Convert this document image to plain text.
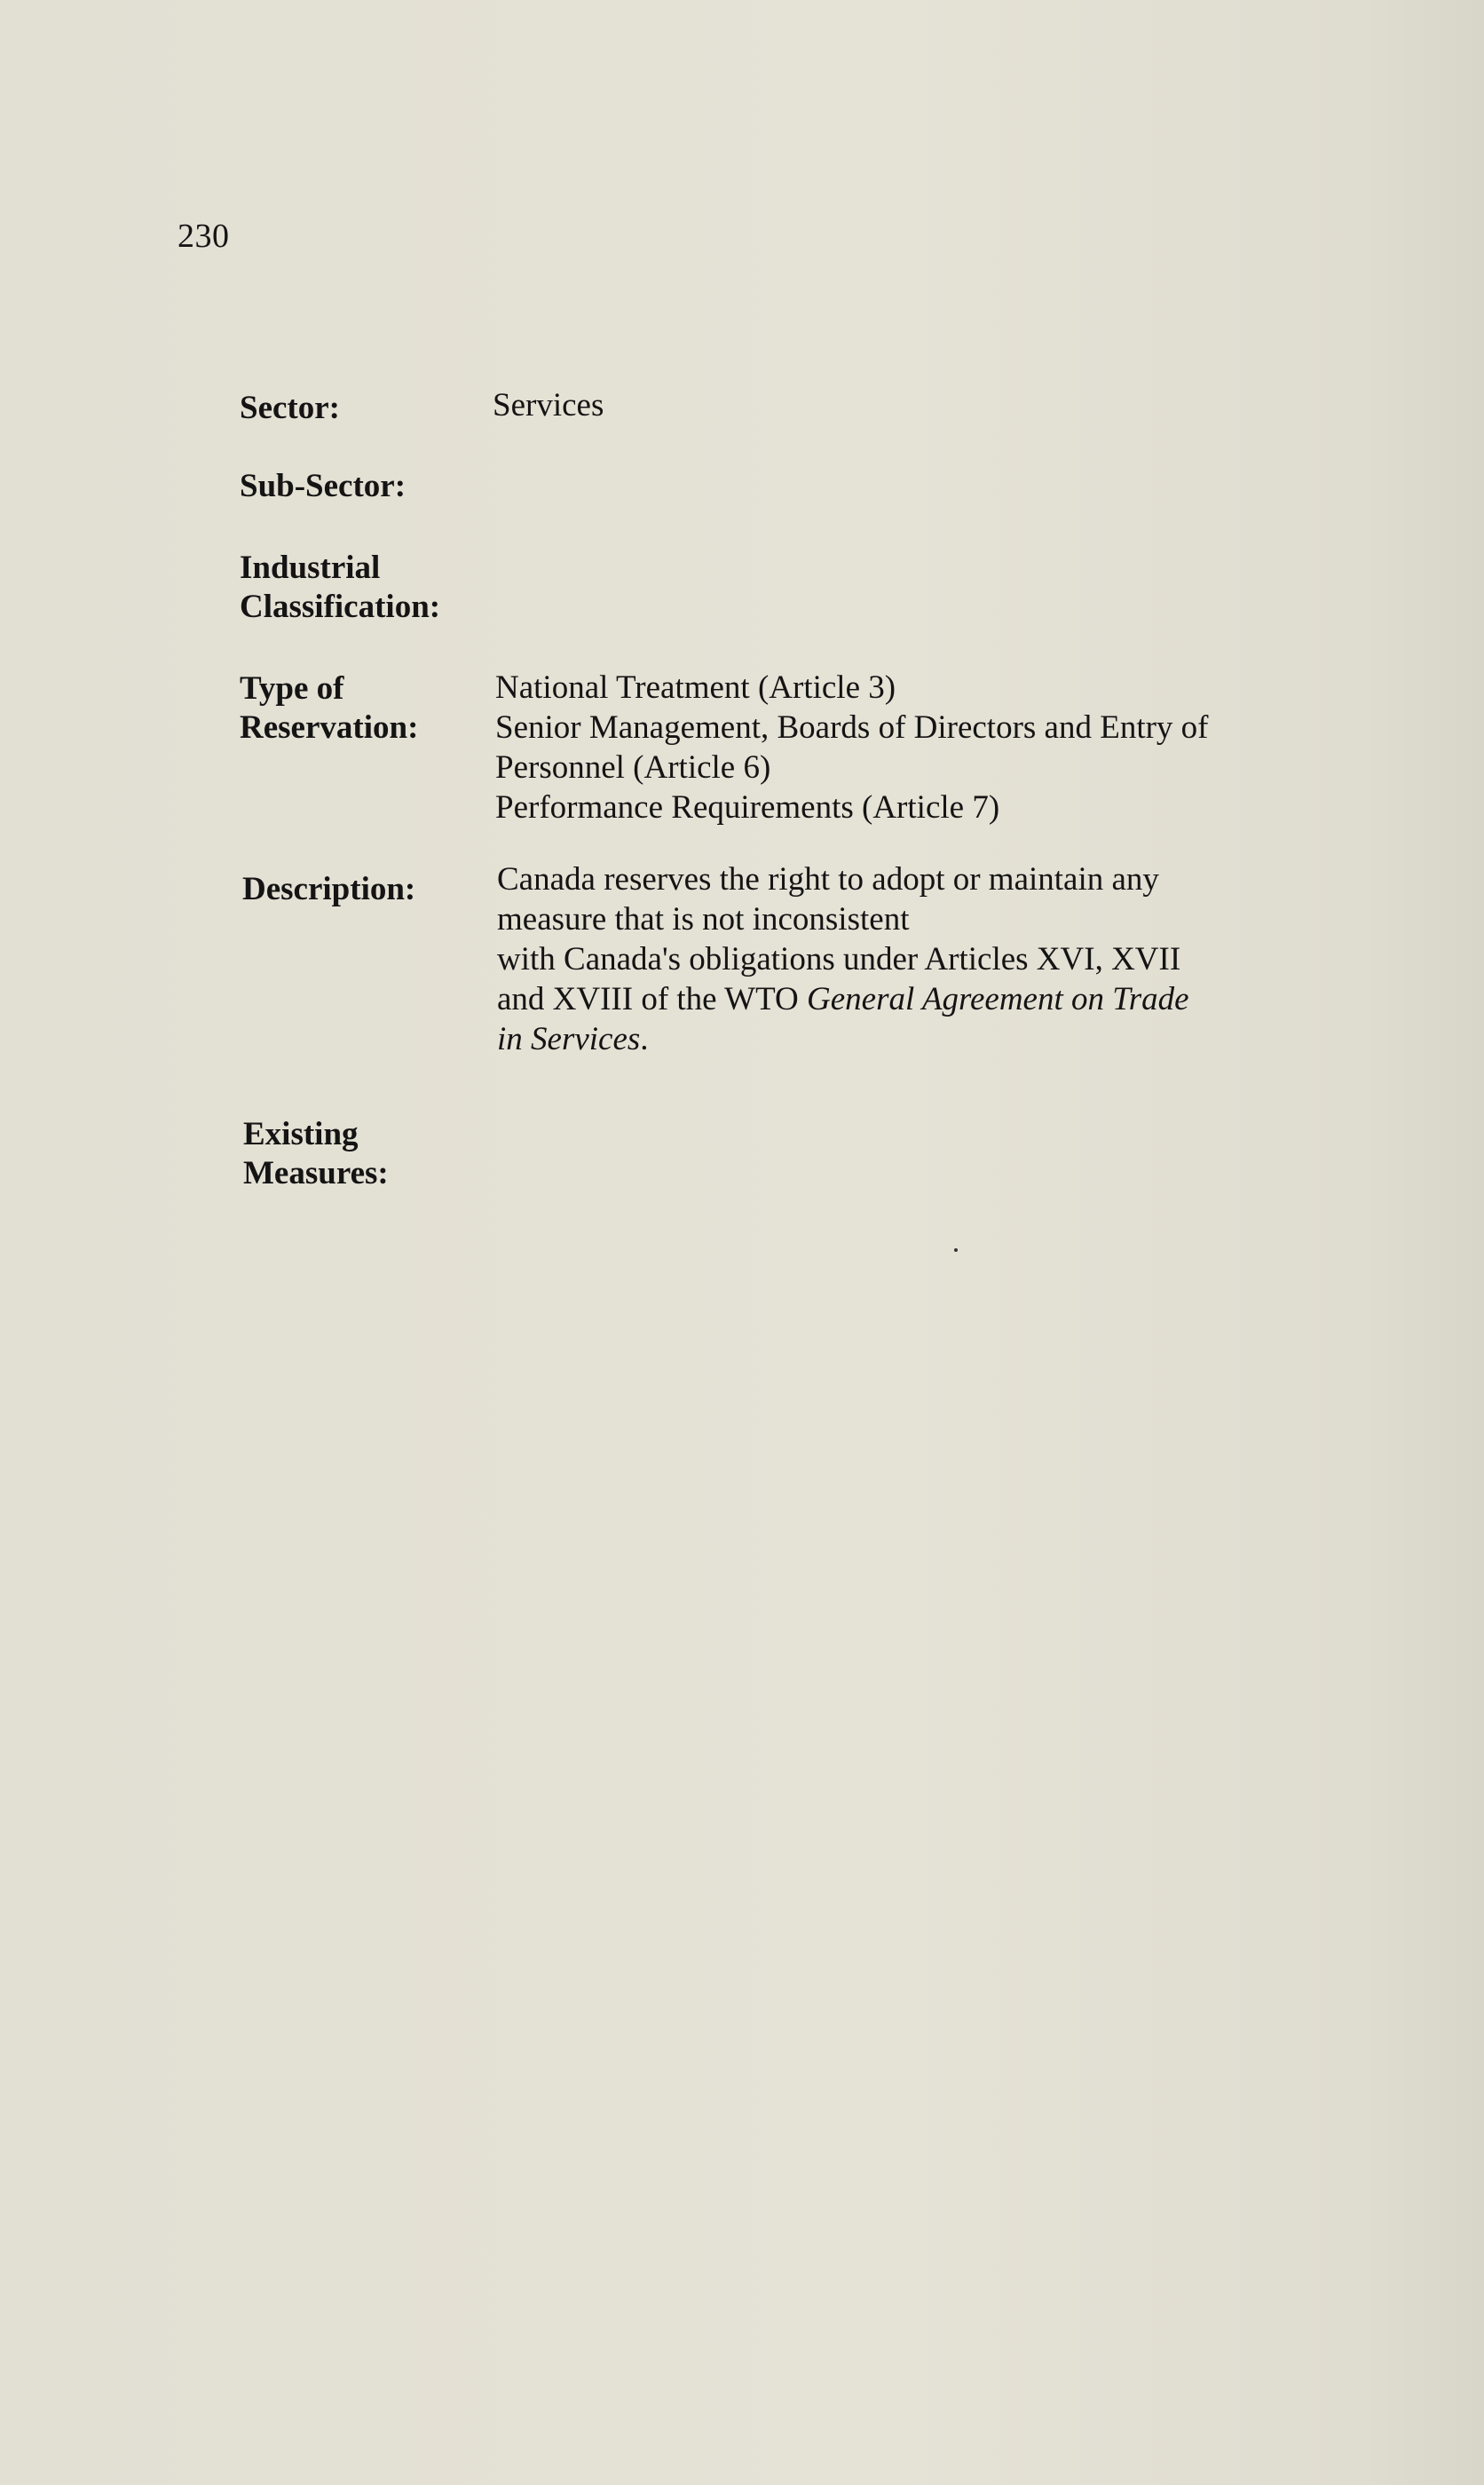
230
Sector:	Services
Sub-Sector:
Industrial
Classification:
Type of
Reservation:
National Treatment (Article 3)
Senior Management, Boards of Directors and Entry of
Personnel (Article 6)
Performance Requirements (Article 7)
Description:	Canada reserves the right to adopt or maintain any
measure that is not inconsistent
with Canada's obligations under Articles XVI, XVII
and XVIII of the WTO General Agreement on Trade
in Services.
Existing
Measures:
